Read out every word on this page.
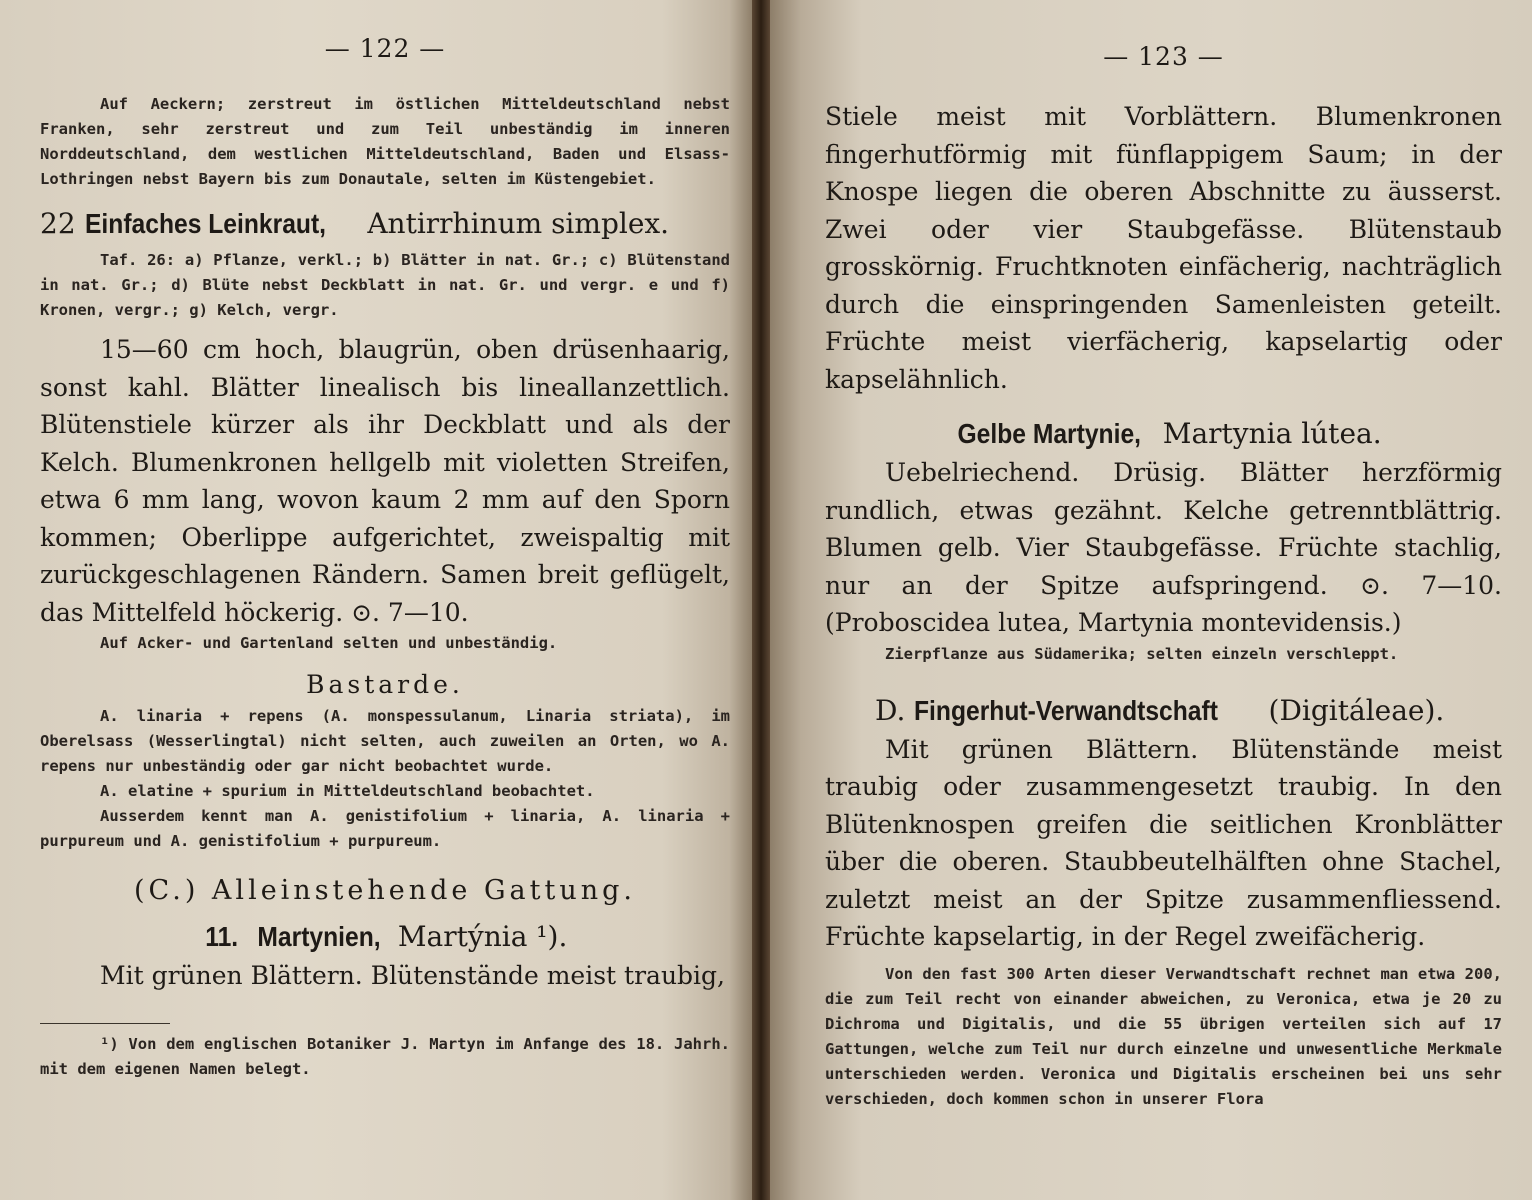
— 122 —

Auf Aeckern; zerstreut im östlichen Mitteldeutschland nebst Franken, sehr zerstreut und zum Teil unbeständig im inneren Norddeutschland, dem westlichen Mitteldeutschland, Baden und Elsass-Lothringen nebst Bayern bis zum Donautale, selten im Küstengebiet.

22 Einfaches Leinkraut, Antirrhinum simplex.

Taf. 26: a) Pflanze, verkl.; b) Blätter in nat. Gr.; c) Blütenstand in nat. Gr.; d) Blüte nebst Deckblatt in nat. Gr. und vergr. e und f) Kronen, vergr.; g) Kelch, vergr.

15—60 cm hoch, blaugrün, oben drüsenhaarig, sonst kahl. Blätter linealisch bis lineallanzettlich. Blütenstiele kürzer als ihr Deckblatt und als der Kelch. Blumenkronen hellgelb mit violetten Streifen, etwa 6 mm lang, wovon kaum 2 mm auf den Sporn kommen; Oberlippe aufgerichtet, zweispaltig mit zurückgeschlagenen Rändern. Samen breit geflügelt, das Mittelfeld höckerig. ⊙. 7—10.

Auf Acker- und Gartenland selten und unbeständig.

Bastarde.

A. linaria + repens (A. monspessulanum, Linaria striata), im Oberelsass (Wesserlingtal) nicht selten, auch zuweilen an Orten, wo A. repens nur unbeständig oder gar nicht beobachtet wurde.

A. elatine + spurium in Mitteldeutschland beobachtet.

Ausserdem kennt man A. genistifolium + linaria, A. linaria + purpureum und A. genistifolium + purpureum.

(C.) Alleinstehende Gattung.

11. Martynien, Martýnia ¹).

Mit grünen Blättern. Blütenstände meist traubig,

¹) Von dem englischen Botaniker J. Martyn im Anfange des 18. Jahrh. mit dem eigenen Namen belegt.

— 123 —

Stiele meist mit Vorblättern. Blumenkronen fingerhutförmig mit fünflappigem Saum; in der Knospe liegen die oberen Abschnitte zu äusserst. Zwei oder vier Staubgefässe. Blütenstaub grosskörnig. Fruchtknoten einfächerig, nachträglich durch die einspringenden Samenleisten geteilt. Früchte meist vierfächerig, kapselartig oder kapselähnlich.

Gelbe Martynie, Martynia lútea.

Uebelriechend. Drüsig. Blätter herzförmig rundlich, etwas gezähnt. Kelche getrenntblättrig. Blumen gelb. Vier Staubgefässe. Früchte stachlig, nur an der Spitze aufspringend. ⊙. 7—10. (Proboscidea lutea, Martynia montevidensis.)

Zierpflanze aus Südamerika; selten einzeln verschleppt.

D. Fingerhut-Verwandtschaft (Digitáleae).

Mit grünen Blättern. Blütenstände meist traubig oder zusammengesetzt traubig. In den Blütenknospen greifen die seitlichen Kronblätter über die oberen. Staubbeutelhälften ohne Stachel, zuletzt meist an der Spitze zusammenfliessend. Früchte kapselartig, in der Regel zweifächerig.

Von den fast 300 Arten dieser Verwandtschaft rechnet man etwa 200, die zum Teil recht von einander abweichen, zu Veronica, etwa je 20 zu Dichroma und Digitalis, und die 55 übrigen verteilen sich auf 17 Gattungen, welche zum Teil nur durch einzelne und unwesentliche Merkmale unterschieden werden. Veronica und Digitalis erscheinen bei uns sehr verschieden, doch kommen schon in unserer Flora
